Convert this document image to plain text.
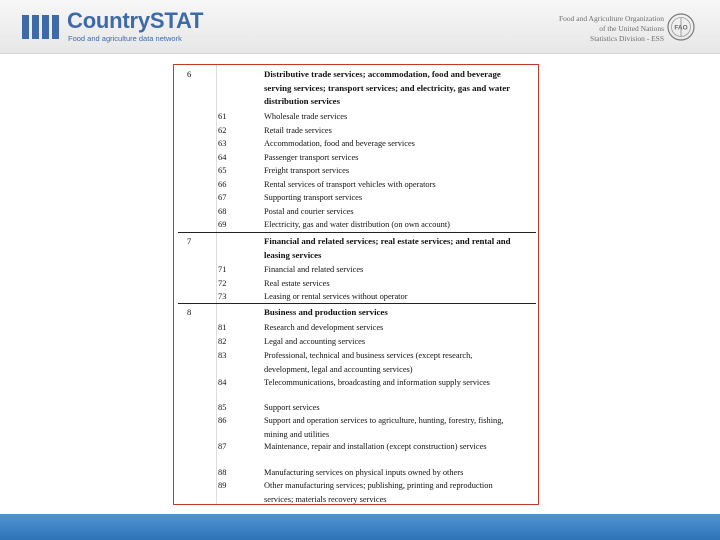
CountrySTAT
Food and agriculture data network
Food and Agriculture Organization
of the United Nations
Statistics Division - ESS
FAO
6	Distributive trade services; accommodation, food and beverage serving services; transport services; and electricity, gas and water distribution services
61	Wholesale trade services
62	Retail trade services
63	Accommodation, food and beverage services
64	Passenger transport services
65	Freight transport services
66	Rental services of transport vehicles with operators
67	Supporting transport services
68	Postal and courier services
69	Electricity, gas and water distribution (on own account)
7	Financial and related services; real estate services; and rental and leasing services
71	Financial and related services
72	Real estate services
73	Leasing or rental services without operator
8	Business and production services
81	Research and development services
82	Legal and accounting services
83	Professional, technical and business services (except research, development, legal and accounting services)
84	Telecommunications, broadcasting and information supply services
85	Support services
86	Support and operation services to agriculture, hunting, forestry, fishing, mining and utilities
87	Maintenance, repair and installation (except construction) services
88	Manufacturing services on physical inputs owned by others
89	Other manufacturing services; publishing, printing and reproduction services; materials recovery services
